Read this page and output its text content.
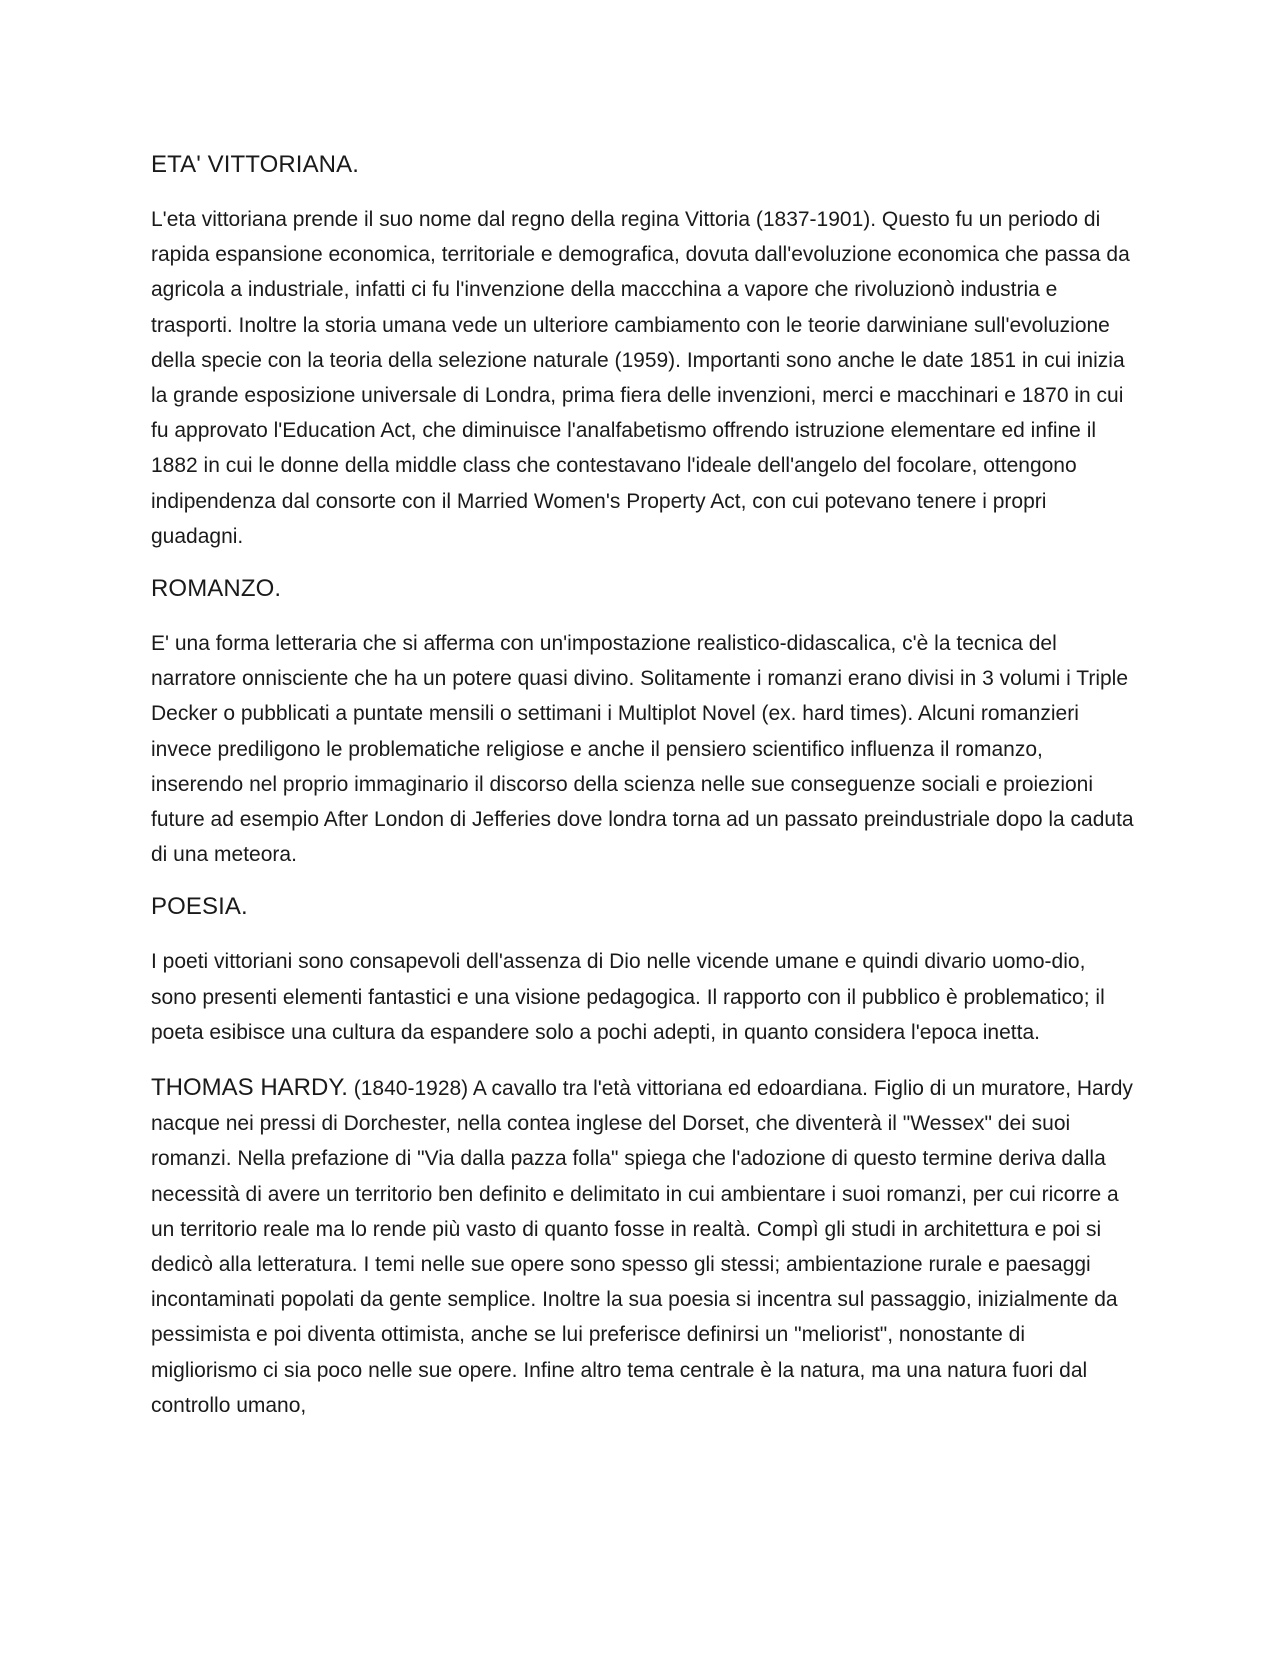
ETA' VITTORIANA.

L'eta vittoriana prende il suo nome dal regno della regina Vittoria (1837-1901). Questo fu un periodo di rapida espansione economica, territoriale e demografica, dovuta dall'evoluzione economica che passa da agricola a industriale, infatti ci fu l'invenzione della maccchina a vapore che rivoluzionò industria e trasporti. Inoltre la storia umana vede un ulteriore cambiamento con le teorie darwiniane sull'evoluzione della specie con la teoria della selezione naturale (1959). Importanti sono anche le date 1851 in cui inizia la grande esposizione universale di Londra, prima fiera delle invenzioni, merci e macchinari e 1870 in cui fu approvato l'Education Act, che diminuisce l'analfabetismo offrendo istruzione elementare ed infine il 1882 in cui le donne della middle class che contestavano l'ideale dell'angelo del focolare, ottengono indipendenza dal consorte con il Married Women's Property Act, con cui potevano tenere i propri guadagni.

ROMANZO.

E' una forma letteraria che si afferma con un'impostazione realistico-didascalica, c'è la tecnica del narratore onnisciente che ha un potere quasi divino. Solitamente i romanzi erano divisi in 3 volumi i Triple Decker o pubblicati a puntate mensili o settimani i Multiplot Novel (ex. hard times). Alcuni romanzieri invece prediligono le problematiche religiose e anche il pensiero scientifico influenza il romanzo, inserendo nel proprio immaginario il discorso della scienza nelle sue conseguenze sociali e proiezioni future ad esempio After London di Jefferies dove londra torna ad un passato preindustriale dopo la caduta di una meteora.

POESIA.

I poeti vittoriani sono consapevoli dell'assenza di Dio nelle vicende umane e quindi divario uomo-dio, sono presenti elementi fantastici e una visione pedagogica. Il rapporto con il pubblico è problematico; il poeta esibisce una cultura da espandere solo a pochi adepti, in quanto considera l'epoca inetta.

THOMAS HARDY. (1840-1928) A cavallo tra l'età vittoriana ed edoardiana. Figlio di un muratore, Hardy nacque nei pressi di Dorchester, nella contea inglese del Dorset, che diventerà il "Wessex" dei suoi romanzi. Nella prefazione di "Via dalla pazza folla" spiega che l'adozione di questo termine deriva dalla necessità di avere un territorio ben definito e delimitato in cui ambientare i suoi romanzi, per cui ricorre a un territorio reale ma lo rende più vasto di quanto fosse in realtà. Compì gli studi in architettura e poi si dedicò alla letteratura. I temi nelle sue opere sono spesso gli stessi; ambientazione rurale e paesaggi incontaminati popolati da gente semplice. Inoltre la sua poesia si incentra sul passaggio, inizialmente da pessimista e poi diventa ottimista, anche se lui preferisce definirsi un "meliorist", nonostante di migliorismo ci sia poco nelle sue opere. Infine altro tema centrale è la natura, ma una natura fuori dal controllo umano,
